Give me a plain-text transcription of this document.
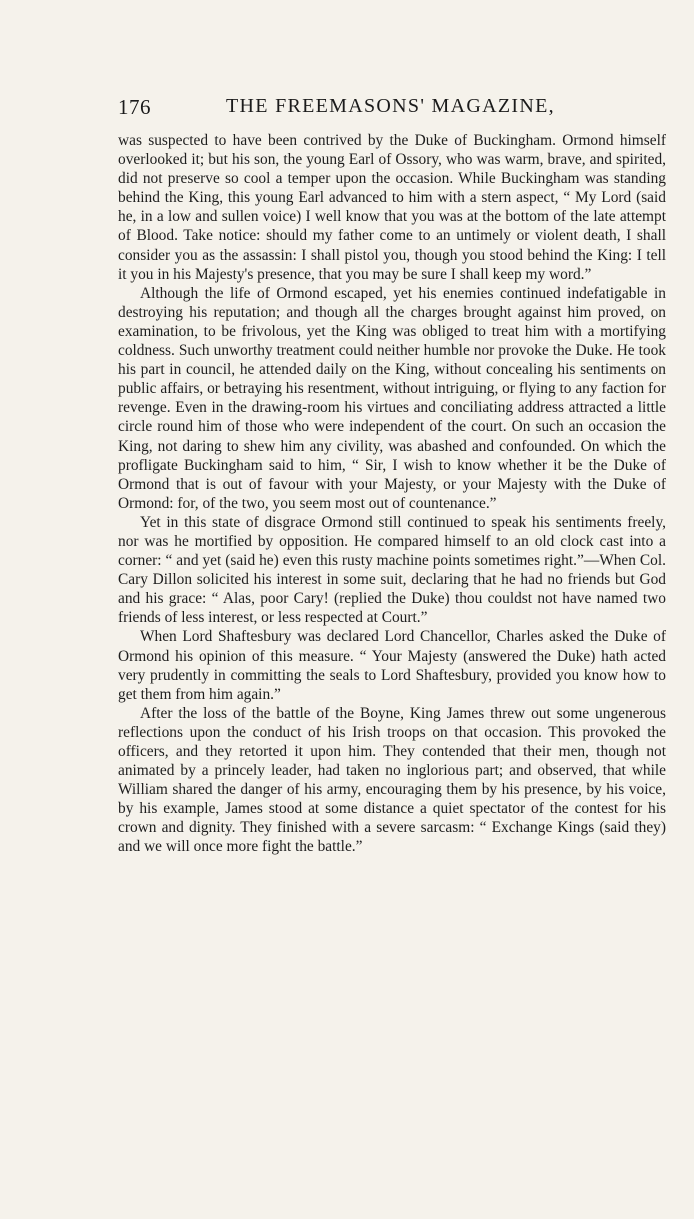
176	THE FREEMASONS' MAGAZINE,

was suspected to have been contrived by the Duke of Buckingham. Ormond himself overlooked it; but his son, the young Earl of Ossory, who was warm, brave, and spirited, did not preserve so cool a temper upon the occasion. While Buckingham was standing behind the King, this young Earl advanced to him with a stern aspect, “ My Lord (said he, in a low and sullen voice) I well know that you was at the bottom of the late attempt of Blood. Take notice: should my father come to an untimely or violent death, I shall consider you as the assassin: I shall pistol you, though you stood behind the King: I tell it you in his Majesty's presence, that you may be sure I shall keep my word.”

Although the life of Ormond escaped, yet his enemies continued indefatigable in destroying his reputation; and though all the charges brought against him proved, on examination, to be frivolous, yet the King was obliged to treat him with a mortifying coldness. Such unworthy treatment could neither humble nor provoke the Duke. He took his part in council, he attended daily on the King, without concealing his sentiments on public affairs, or betraying his resentment, without intriguing, or flying to any faction for revenge. Even in the drawing-room his virtues and conciliating address attracted a little circle round him of those who were independent of the court. On such an occasion the King, not daring to shew him any civility, was abashed and confounded. On which the profligate Buckingham said to him, “ Sir, I wish to know whether it be the Duke of Ormond that is out of favour with your Majesty, or your Majesty with the Duke of Ormond: for, of the two, you seem most out of countenance.”

Yet in this state of disgrace Ormond still continued to speak his sentiments freely, nor was he mortified by opposition. He compared himself to an old clock cast into a corner: “ and yet (said he) even this rusty machine points sometimes right.”—When Col. Cary Dillon solicited his interest in some suit, declaring that he had no friends but God and his grace: “ Alas, poor Cary! (replied the Duke) thou couldst not have named two friends of less interest, or less respected at Court.”

When Lord Shaftesbury was declared Lord Chancellor, Charles asked the Duke of Ormond his opinion of this measure. “ Your Majesty (answered the Duke) hath acted very prudently in committing the seals to Lord Shaftesbury, provided you know how to get them from him again.”

After the loss of the battle of the Boyne, King James threw out some ungenerous reflections upon the conduct of his Irish troops on that occasion. This provoked the officers, and they retorted it upon him. They contended that their men, though not animated by a princely leader, had taken no inglorious part; and observed, that while William shared the danger of his army, encouraging them by his presence, by his voice, by his example, James stood at some distance a quiet spectator of the contest for his crown and dignity. They finished with a severe sarcasm: “ Exchange Kings (said they) and we will once more fight the battle.”
